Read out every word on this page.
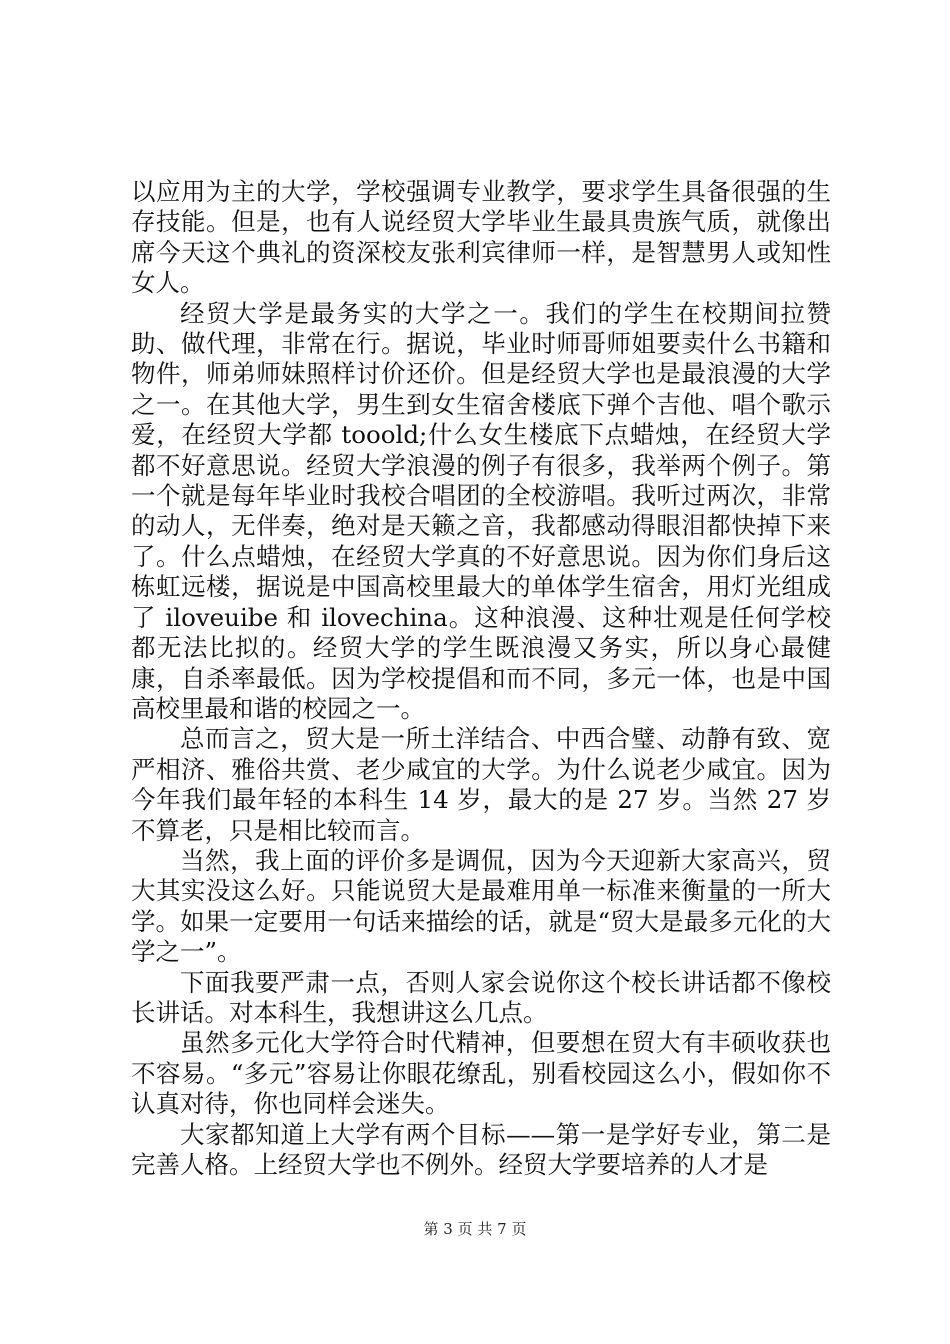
以应用为主的大学，学校强调专业教学，要求学生具备很强的生存技能。但是，也有人说经贸大学毕业生最具贵族气质，就像出席今天这个典礼的资深校友张利宾律师一样，是智慧男人或知性女人。

经贸大学是最务实的大学之一。我们的学生在校期间拉赞助、做代理，非常在行。据说，毕业时师哥师姐要卖什么书籍和物件，师弟师妹照样讨价还价。但是经贸大学也是最浪漫的大学之一。在其他大学，男生到女生宿舍楼底下弹个吉他、唱个歌示爱，在经贸大学都 tooold;什么女生楼底下点蜡烛，在经贸大学都不好意思说。经贸大学浪漫的例子有很多，我举两个例子。第一个就是每年毕业时我校合唱团的全校游唱。我听过两次，非常的动人，无伴奏，绝对是天籁之音，我都感动得眼泪都快掉下来了。什么点蜡烛，在经贸大学真的不好意思说。因为你们身后这栋虹远楼，据说是中国高校里最大的单体学生宿舍，用灯光组成了 iloveuibe 和 ilovechina。这种浪漫、这种壮观是任何学校都无法比拟的。经贸大学的学生既浪漫又务实，所以身心最健康，自杀率最低。因为学校提倡和而不同，多元一体，也是中国高校里最和谐的校园之一。

总而言之，贸大是一所土洋结合、中西合璧、动静有致、宽严相济、雅俗共赏、老少咸宜的大学。为什么说老少咸宜。因为今年我们最年轻的本科生 14 岁，最大的是 27 岁。当然 27 岁不算老，只是相比较而言。

当然，我上面的评价多是调侃，因为今天迎新大家高兴，贸大其实没这么好。只能说贸大是最难用单一标准来衡量的一所大学。如果一定要用一句话来描绘的话，就是“贸大是最多元化的大学之一”。

下面我要严肃一点，否则人家会说你这个校长讲话都不像校长讲话。对本科生，我想讲这么几点。

虽然多元化大学符合时代精神，但要想在贸大有丰硕收获也不容易。“多元”容易让你眼花缭乱，别看校园这么小，假如你不认真对待，你也同样会迷失。

大家都知道上大学有两个目标——第一是学好专业，第二是完善人格。上经贸大学也不例外。经贸大学要培养的人才是

第 3 页 共 7 页
